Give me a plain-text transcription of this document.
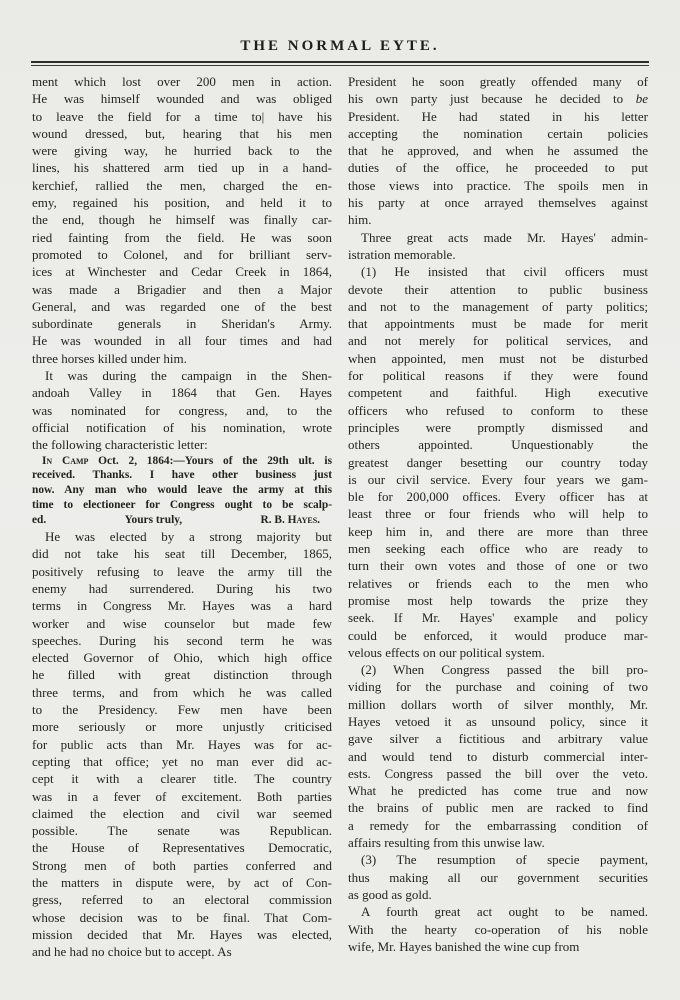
THE NORMAL EYTE.
ment which lost over 200 men in action.
He was himself wounded and was obliged
to leave the field for a time to| have his
wound dressed, but, hearing that his men
were giving way, he hurried back to the
lines, his shattered arm tied up in a hand-
kerchief, rallied the men, charged the en-
emy, regained his position, and held it to
the end, though he himself was finally car-
ried fainting from the field. He was soon
promoted to Colonel, and for brilliant serv-
ices at Winchester and Cedar Creek in 1864,
was made a Brigadier and then a Major
General, and was regarded one of the best
subordinate generals in Sheridan's Army.
He was wounded in all four times and had
three horses killed under him.
It was during the campaign in the Shen-
andoah Valley in 1864 that Gen. Hayes
was nominated for congress, and, to the
official notification of his nomination, wrote
the following characteristic letter:
In Camp Oct. 2, 1864:—Yours of the 29th ult. is
received. Thanks. I have other business just
now. Any man who would leave the army at this
time to electioneer for Congress ought to be scalp-
ed.	Yours truly,	R. B. Hayes.
He was elected by a strong majority but
did not take his seat till December, 1865,
positively refusing to leave the army till the
enemy had surrendered. During his two
terms in Congress Mr. Hayes was a hard
worker and wise counselor but made few
speeches. During his second term he was
elected Governor of Ohio, which high office
he filled with great distinction through
three terms, and from which he was called
to the Presidency. Few men have been
more seriously or more unjustly criticised
for public acts than Mr. Hayes was for ac-
cepting that office; yet no man ever did ac-
cept it with a clearer title. The country
was in a fever of excitement. Both parties
claimed the election and civil war seemed
possible. The senate was Republican.
the House of Representatives Democratic,
Strong men of both parties conferred and
the matters in dispute were, by act of Con-
gress, referred to an electoral commission
whose decision was to be final. That Com-
mission decided that Mr. Hayes was elected,
and he had no choice but to accept. As
President he soon greatly offended many of
his own party just because he decided to be
President. He had stated in his letter
accepting the nomination certain policies
that he approved, and when he assumed the
duties of the office, he proceeded to put
those views into practice. The spoils men in
his party at once arrayed themselves against
him.
Three great acts made Mr. Hayes' admin-
istration memorable.
(1) He insisted that civil officers must
devote their attention to public business
and not to the management of party politics;
that appointments must be made for merit
and not merely for political services, and
when appointed, men must not be disturbed
for political reasons if they were found
competent and faithful. High executive
officers who refused to conform to these
principles were promptly dismissed and
others appointed. Unquestionably the
greatest danger besetting our country today
is our civil service. Every four years we gam-
ble for 200,000 offices. Every officer has at
least three or four friends who will help to
keep him in, and there are more than three
men seeking each office who are ready to
turn their own votes and those of one or two
relatives or friends each to the men who
promise most help towards the prize they
seek. If Mr. Hayes' example and policy
could be enforced, it would produce mar-
velous effects on our political system.
(2) When Congress passed the bill pro-
viding for the purchase and coining of two
million dollars worth of silver monthly, Mr.
Hayes vetoed it as unsound policy, since it
gave silver a fictitious and arbitrary value
and would tend to disturb commercial inter-
ests. Congress passed the bill over the veto.
What he predicted has come true and now
the brains of public men are racked to find
a remedy for the embarrassing condition of
affairs resulting from this unwise law.
(3) The resumption of specie payment,
thus making all our government securities
as good as gold.
A fourth great act ought to be named.
With the hearty co-operation of his noble
wife, Mr. Hayes banished the wine cup from
